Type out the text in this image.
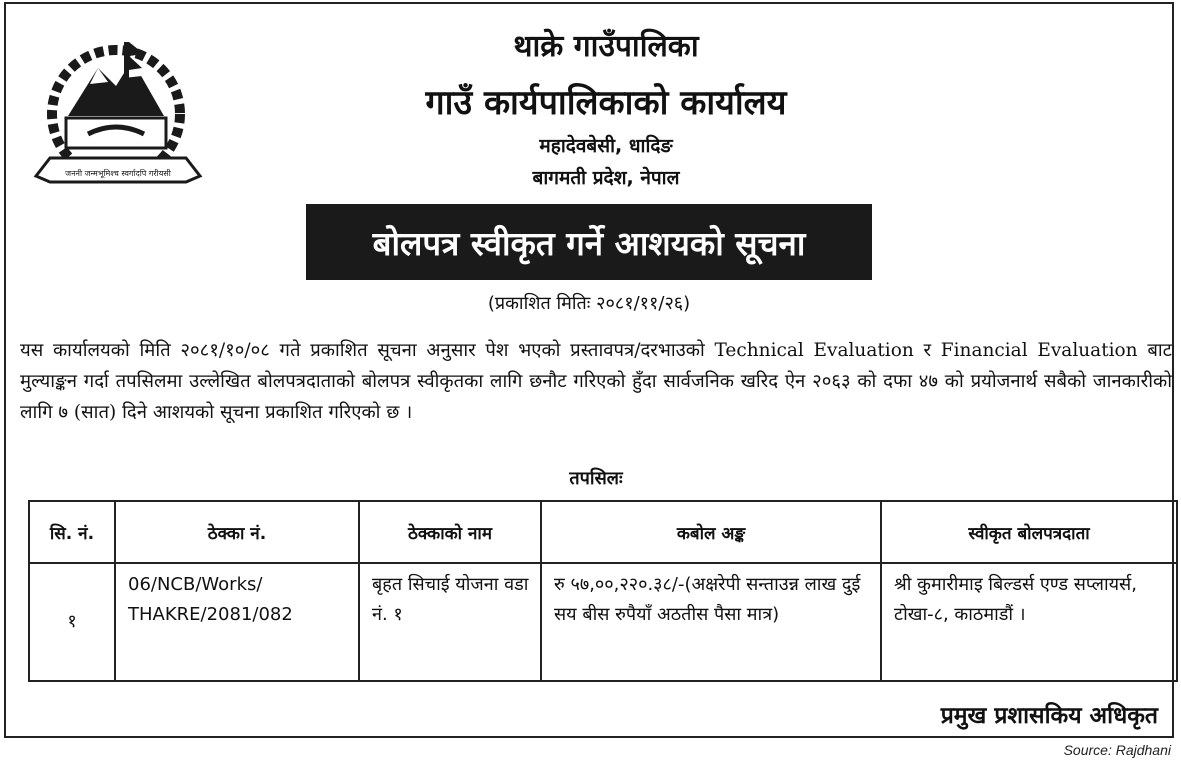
जननी जन्मभूमिश्च स्वर्गादपि गरीयसी
थाक्रे गाउँपालिका
गाउँ कार्यपालिकाको कार्यालय
महादेवबेसी, धादिङ
बागमती प्रदेश, नेपाल
बोलपत्र स्वीकृत गर्ने आशयको सूचना
(प्रकाशित मितिः २०८१/११/२६)
यस कार्यालयको मिति २०८१/१०/०८ गते प्रकाशित सूचना अनुसार पेश भएको प्रस्तावपत्र/दरभाउको Technical Evaluation र Financial Evaluation बाट मुल्याङ्कन गर्दा तपसिलमा उल्लेखित बोलपत्रदाताको बोलपत्र स्वीकृतका लागि छनौट गरिएको हुँदा सार्वजनिक खरिद ऐन २०६३ को दफा ४७ को प्रयोजनार्थ सबैको जानकारीको लागि ७ (सात) दिने आशयको सूचना प्रकाशित गरिएको छ ।
तपसिलः
सि. नं.	ठेक्का नं.	ठेक्काको नाम	कबोल अङ्क	स्वीकृत बोलपत्रदाता
१	06/NCB/Works/ THAKRE/2081/082	बृहत सिचाई योजना वडा नं. १	रु ५७,००,२२०.३८/-(अक्षरेपी सन्ताउन्न लाख दुई सय बीस रुपैयाँ अठतीस पैसा मात्र)	श्री कुमारीमाइ बिल्डर्स एण्ड सप्लायर्स, टोखा-८, काठमाडौं ।
प्रमुख प्रशासकिय अधिकृत
Source: Rajdhani
